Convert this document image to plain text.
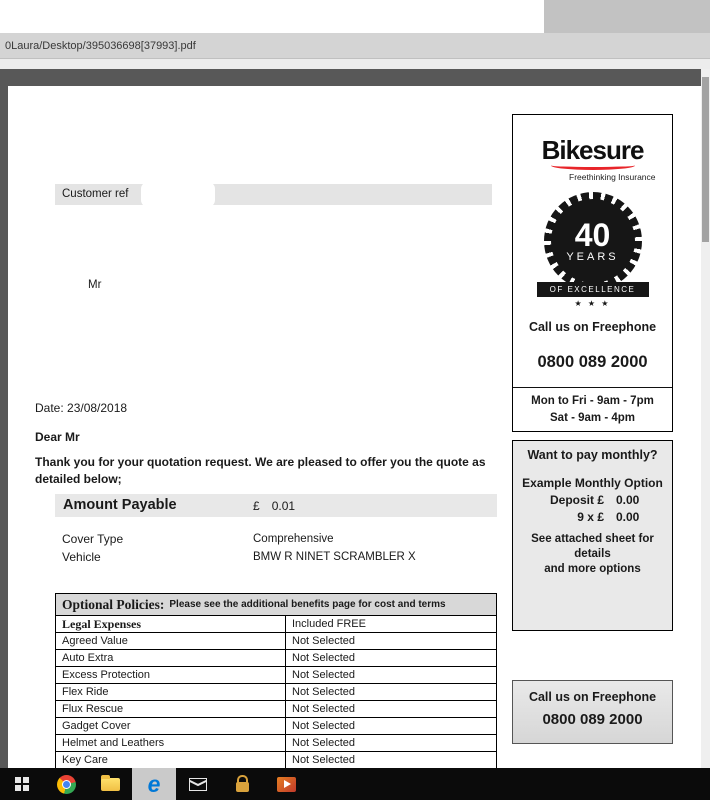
0Laura/Desktop/395036698[37993].pdf
Customer ref
Mr
Date: 23/08/2018
Dear Mr
Thank you for your quotation request. We are pleased to offer you the quote as
detailed below;
Amount Payable	£ 0.01
Cover Type	Comprehensive
Vehicle	BMW R NINET SCRAMBLER X
Optional Policies: Please see the additional benefits page for cost and terms
Legal Expenses	Included FREE
Agreed Value	Not Selected
Auto Extra	Not Selected
Excess Protection	Not Selected
Flex Ride	Not Selected
Flux Rescue	Not Selected
Gadget Cover	Not Selected
Helmet and Leathers	Not Selected
Key Care	Not Selected
Bikesure
Freethinking Insurance
40
YEARS
OF EXCELLENCE
★ ★ ★
Call us on Freephone
0800 089 2000
Mon to Fri - 9am - 7pm
Sat - 9am - 4pm
Want to pay monthly?
Example Monthly Option
Deposit £ 0.00
9 x £ 0.00
See attached sheet for details
and more options
Call us on Freephone
0800 089 2000
e
